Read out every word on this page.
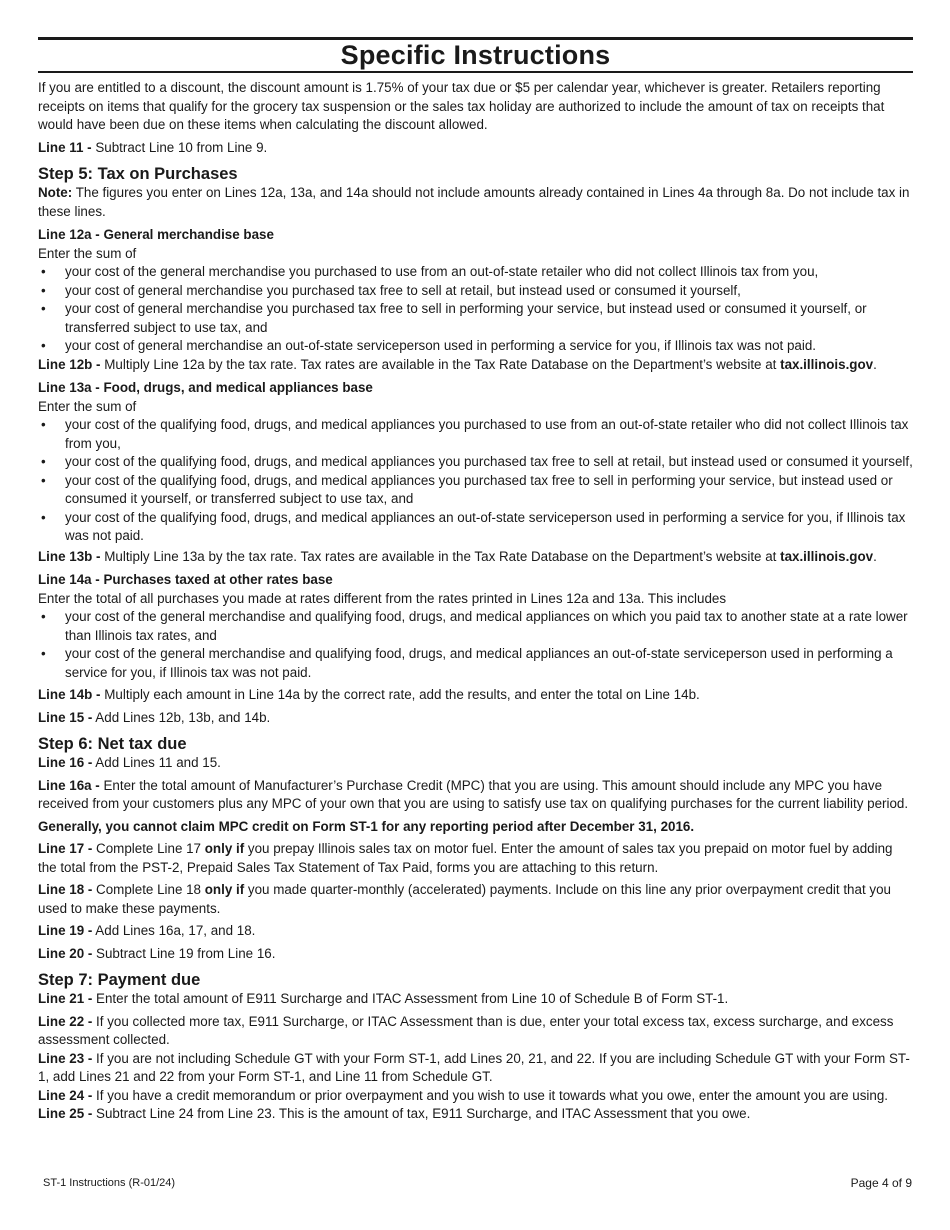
Specific Instructions

If you are entitled to a discount, the discount amount is 1.75% of your tax due or $5 per calendar year, whichever is greater. Retailers reporting receipts on items that qualify for the grocery tax suspension or the sales tax holiday are authorized to include the amount of tax on receipts that would have been due on these items when calculating the discount allowed.

Line 11 - Subtract Line 10 from Line 9.

Step 5: Tax on Purchases

Note: The figures you enter on Lines 12a, 13a, and 14a should not include amounts already contained in Lines 4a through 8a. Do not include tax in these lines.

Line 12a - General merchandise base

Enter the sum of

• your cost of the general merchandise you purchased to use from an out-of-state retailer who did not collect Illinois tax from you,
• your cost of general merchandise you purchased tax free to sell at retail, but instead used or consumed it yourself,
• your cost of general merchandise you purchased tax free to sell in performing your service, but instead used or consumed it yourself, or transferred subject to use tax, and
• your cost of general merchandise an out-of-state serviceperson used in performing a service for you, if Illinois tax was not paid.

Line 12b - Multiply Line 12a by the tax rate. Tax rates are available in the Tax Rate Database on the Department’s website at tax.illinois.gov.

Line 13a - Food, drugs, and medical appliances base

Enter the sum of

• your cost of the qualifying food, drugs, and medical appliances you purchased to use from an out-of-state retailer who did not collect Illinois tax from you,
• your cost of the qualifying food, drugs, and medical appliances you purchased tax free to sell at retail, but instead used or consumed it yourself,
• your cost of the qualifying food, drugs, and medical appliances you purchased tax free to sell in performing your service, but instead used or consumed it yourself, or transferred subject to use tax, and
• your cost of the qualifying food, drugs, and medical appliances an out-of-state serviceperson used in performing a service for you, if Illinois tax was not paid.

Line 13b - Multiply Line 13a by the tax rate. Tax rates are available in the Tax Rate Database on the Department’s website at tax.illinois.gov.

Line 14a - Purchases taxed at other rates base

Enter the total of all purchases you made at rates different from the rates printed in Lines 12a and 13a. This includes

• your cost of the general merchandise and qualifying food, drugs, and medical appliances on which you paid tax to another state at a rate lower than Illinois tax rates, and
• your cost of the general merchandise and qualifying food, drugs, and medical appliances an out-of-state serviceperson used in performing a service for you, if Illinois tax was not paid.

Line 14b - Multiply each amount in Line 14a by the correct rate, add the results, and enter the total on Line 14b.

Line 15 - Add Lines 12b, 13b, and 14b.

Step 6: Net tax due

Line 16 - Add Lines 11 and 15.

Line 16a - Enter the total amount of Manufacturer’s Purchase Credit (MPC) that you are using. This amount should include any MPC you have received from your customers plus any MPC of your own that you are using to satisfy use tax on qualifying purchases for the current liability period.

Generally, you cannot claim MPC credit on Form ST-1 for any reporting period after December 31, 2016.

Line 17 - Complete Line 17 only if you prepay Illinois sales tax on motor fuel. Enter the amount of sales tax you prepaid on motor fuel by adding the total from the PST-2, Prepaid Sales Tax Statement of Tax Paid, forms you are attaching to this return.

Line 18 - Complete Line 18 only if you made quarter-monthly (accelerated) payments. Include on this line any prior overpayment credit that you used to make these payments.

Line 19 - Add Lines 16a, 17, and 18.

Line 20 - Subtract Line 19 from Line 16.

Step 7: Payment due

Line 21 - Enter the total amount of E911 Surcharge and ITAC Assessment from Line 10 of Schedule B of Form ST-1.

Line 22 - If you collected more tax, E911 Surcharge, or ITAC Assessment than is due, enter your total excess tax, excess surcharge, and excess assessment collected.

Line 23 - If you are not including Schedule GT with your Form ST-1, add Lines 20, 21, and 22. If you are including Schedule GT with your Form ST-1, add Lines 21 and 22 from your Form ST-1, and Line 11 from Schedule GT.

Line 24 - If you have a credit memorandum or prior overpayment and you wish to use it towards what you owe, enter the amount you are using.

Line 25 - Subtract Line 24 from Line 23. This is the amount of tax, E911 Surcharge, and ITAC Assessment that you owe.

ST-1 Instructions (R-01/24)	Page 4 of 9
